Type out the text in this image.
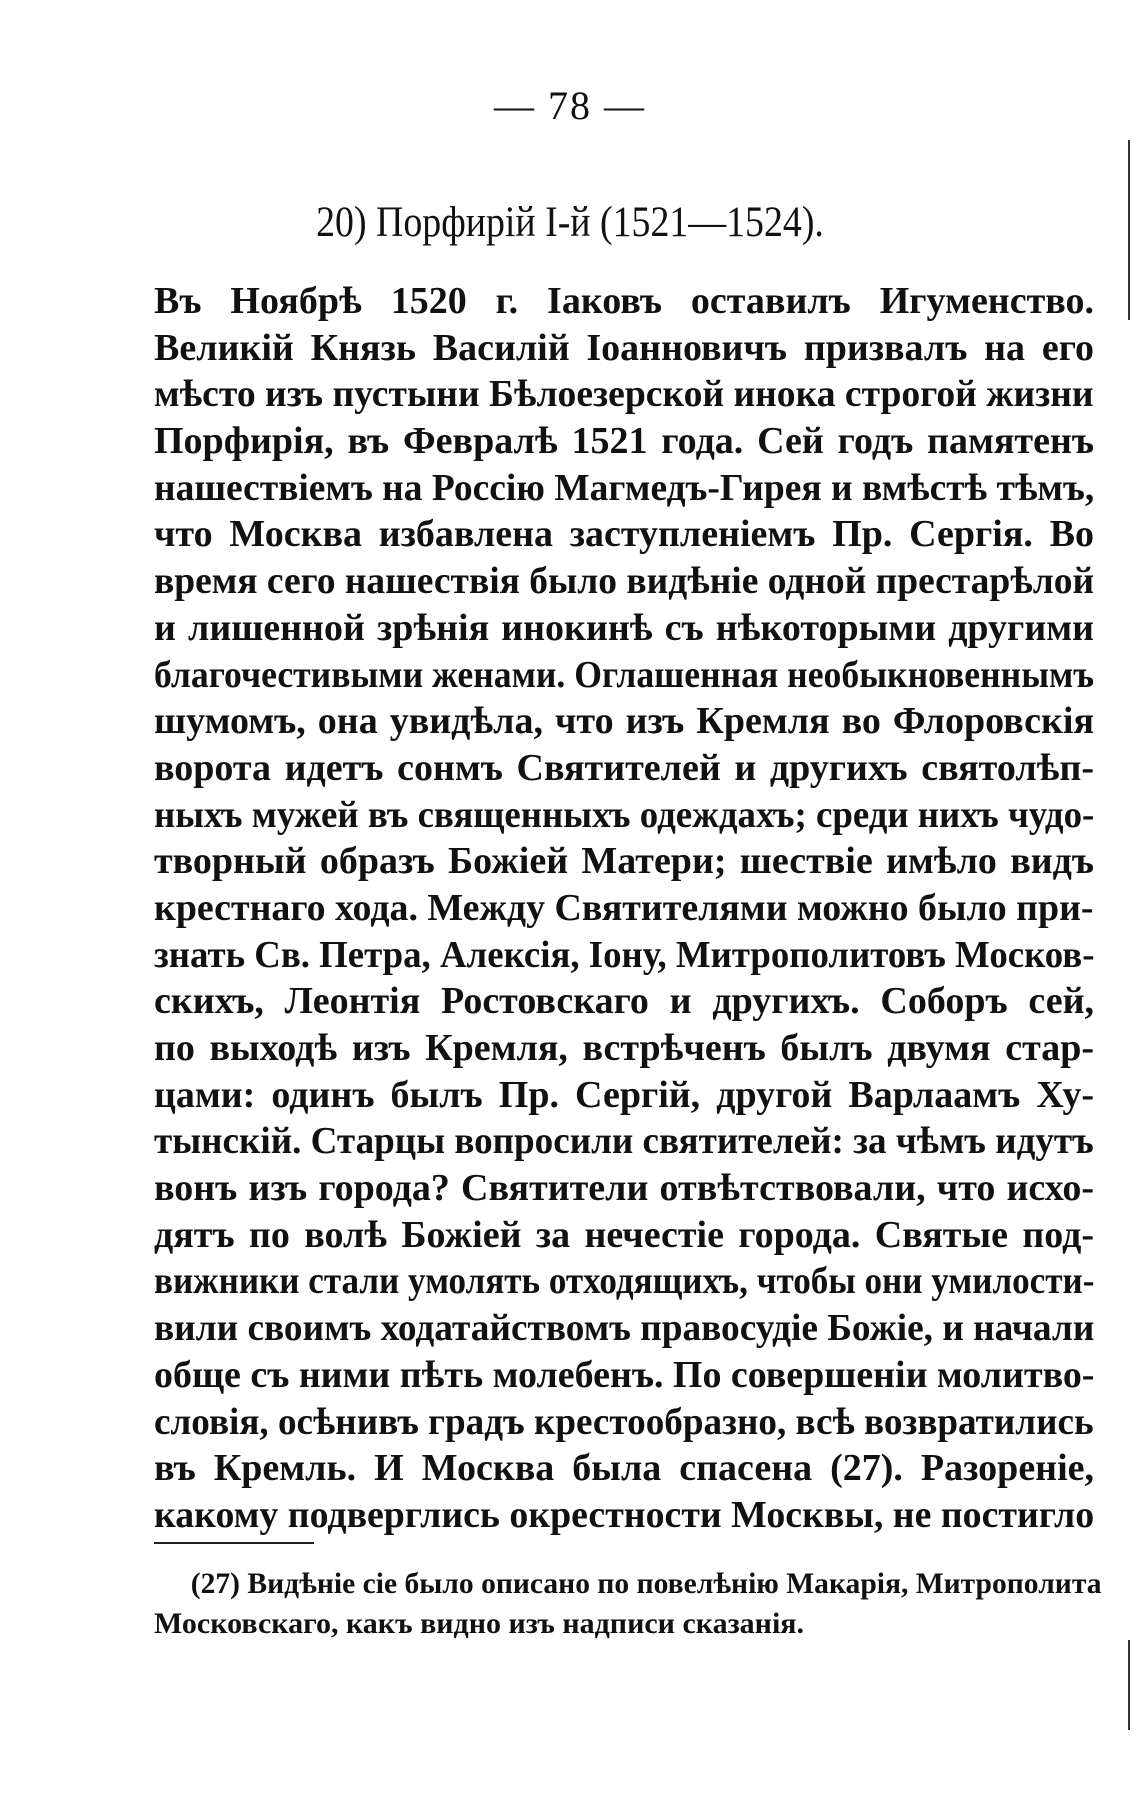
— 78 —
20) Порфирiй I-й (1521—1524).
Въ Ноябрѣ 1520 г. Iаковъ оставилъ Игуменство.
Великiй Князь Василiй Iоанновичъ призвалъ на его
мѣсто изъ пустыни Бѣлоезерской инока строгой жизни
Порфирiя, въ Февралѣ 1521 года. Сей годъ памятенъ
нашествiемъ на Россiю Магмедъ-Гирея и вмѣстѣ тѣмъ,
что Москва избавлена заступленiемъ Пр. Сергiя. Во
время сего нашествiя было видѣнiе одной престарѣлой
и лишенной зрѣнiя инокинѣ съ нѣкоторыми другими
благочестивыми женами. Оглашенная необыкновеннымъ
шумомъ, она увидѣла, что изъ Кремля во Флоровскiя
ворота идетъ сонмъ Святителей и другихъ святолѣп-
ныхъ мужей въ священныхъ одеждахъ; среди нихъ чудо-
творный образъ Божiей Матери; шествiе имѣло видъ
крестнаго хода. Между Святителями можно было при-
знать Св. Петра, Алексiя, Iону, Митрополитовъ Москов-
скихъ, Леонтiя Ростовскаго и другихъ. Соборъ сей,
по выходѣ изъ Кремля, встрѣченъ былъ двумя стар-
цами: одинъ былъ Пр. Сергiй, другой Варлаамъ Ху-
тынскiй. Старцы вопросили святителей: за чѣмъ идутъ
вонъ изъ города? Святители отвѣтствовали, что исхо-
дятъ по волѣ Божiей за нечестiе города. Святые под-
вижники стали умолять отходящихъ, чтобы они умилости-
вили своимъ ходатайствомъ правосудiе Божiе, и начали
обще съ ними пѣть молебенъ. По совершенiи молитво-
словiя, осѣнивъ градъ крестообразно, всѣ возвратились
въ Кремль. И Москва была спасена (27). Разоренiе,
какому подверглись окрестности Москвы, не постигло
(27) Видѣнiе сiе было описано по повелѣнiю Макарiя, Митрополита
Московскаго, какъ видно изъ надписи сказанiя.
